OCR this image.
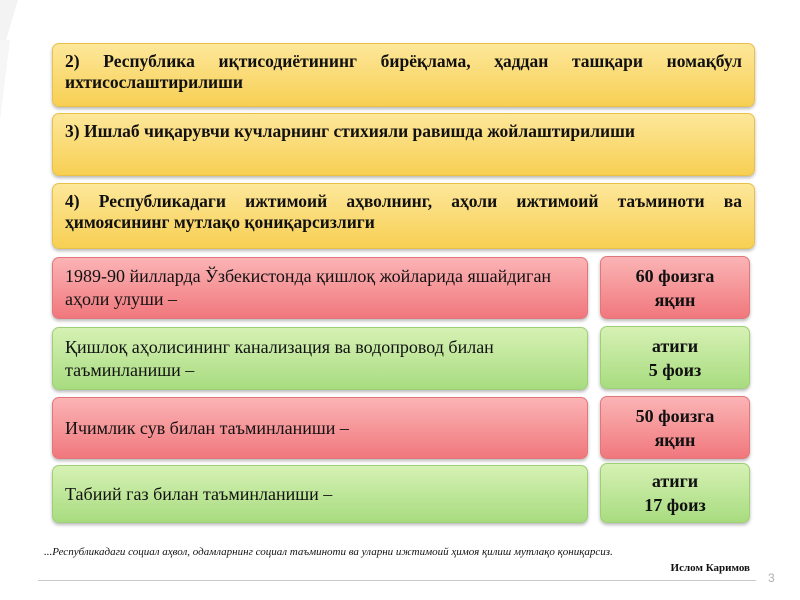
2) Республика иқтисодиётининг бирёқлама, ҳаддан ташқари номақбул ихтисослаштирилиши
3) Ишлаб чиқарувчи кучларнинг стихияли равишда жойлаштирилиши
4) Республикадаги ижтимоий аҳволнинг, аҳоли ижтимоий таъминоти ва ҳимоясининг мутлақо қониқарсизлиги
1989-90 йилларда Ўзбекистонда қишлоқ жойларида яшайдиган аҳоли улуши –
60 фоизга
яқин
Қишлоқ аҳолисининг канализация ва водопровод билан таъминланиши –
атиги
5 фоиз
Ичимлик сув билан таъминланиши –
50 фоизга
яқин
Табиий газ билан таъминланиши –
атиги
17 фоиз
...Республикадаги социал аҳвол, одамларнинг социал таъминоти ва уларни ижтимоий ҳимоя қилиш мутлақо қониқарсиз.
Ислом Каримов
3
